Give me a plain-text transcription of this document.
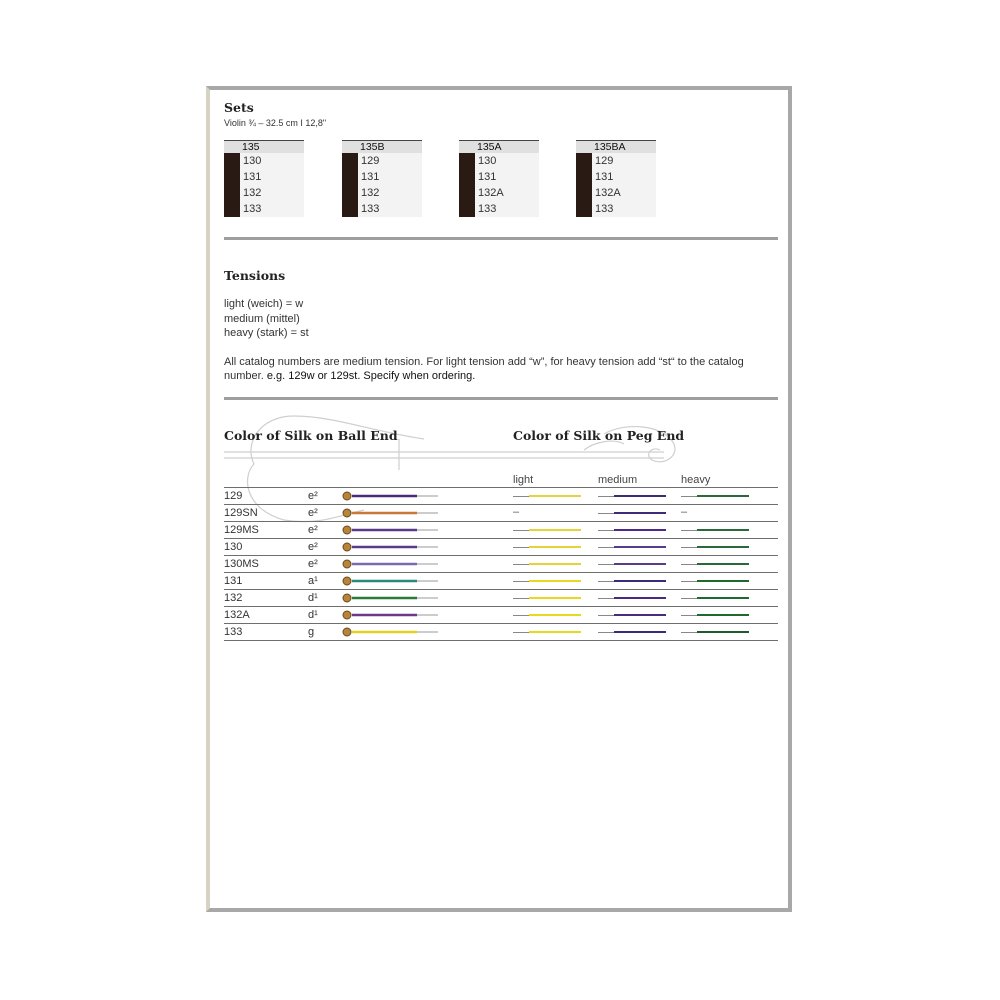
Sets
Violin ¾ – 32.5 cm I 12,8"
135
130
131
132
133
135B
129
131
132
133
135A
130
131
132A
133
135BA
129
131
132A
133
Tensions
light (weich) = w
medium (mittel)
heavy (stark) = st
All catalog numbers are medium tension. For light tension add “w”, for heavy tension add “st“ to the catalog number. e.g. 129w or 129st. Specify when ordering.
Color of Silk on Ball End	Color of Silk on Peg End
light	medium	heavy
129	e²
129SN	e²	–	–
129MS	e²
130	e²
130MS	e²
131	a¹
132	d¹
132A	d¹
133	g
